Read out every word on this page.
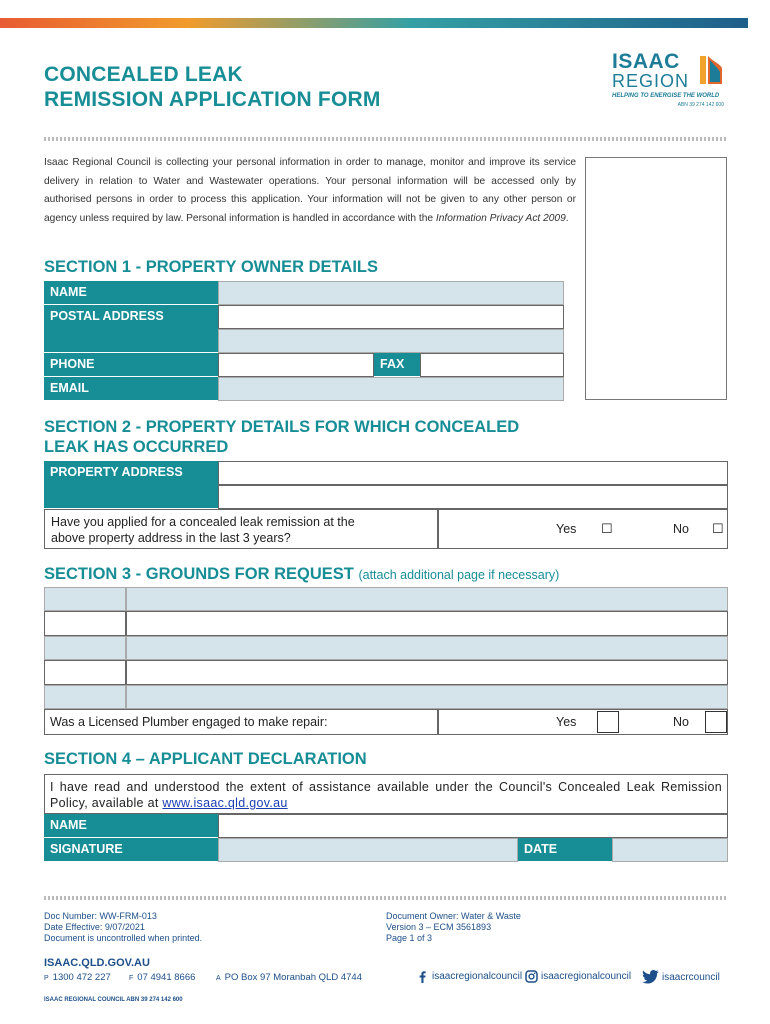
CONCEALED LEAK
REMISSION APPLICATION FORM
ISAAC
REGION
HELPING TO ENERGISE THE WORLD
ABN 39 274 142 600
Isaac Regional Council is collecting your personal information in order to manage, monitor and improve its service delivery in relation to Water and Wastewater operations. Your personal information will be accessed only by authorised persons in order to process this application. Your information will not be given to any other person or agency unless required by law. Personal information is handled in accordance with the Information Privacy Act 2009.
SECTION 1 - PROPERTY OWNER DETAILS
NAME
POSTAL ADDRESS
PHONE	FAX
EMAIL
SECTION 2 - PROPERTY DETAILS FOR WHICH CONCEALED
LEAK HAS OCCURRED
PROPERTY ADDRESS
Have you applied for a concealed leak remission at the
above property address in the last 3 years?
Yes ☐	No ☐
SECTION 3 - GROUNDS FOR REQUEST (attach additional page if necessary)
Was a Licensed Plumber engaged to make repair:	Yes	No
SECTION 4 – APPLICANT DECLARATION
I have read and understood the extent of assistance available under the Council's Concealed Leak Remission Policy, available at www.isaac.qld.gov.au
NAME
SIGNATURE	DATE
Doc Number: WW-FRM-013
Date Effective: 9/07/2021
Document is uncontrolled when printed.
Document Owner: Water & Waste
Version 3 – ECM 3561893
Page 1 of 3
ISAAC.QLD.GOV.AU
P 1300 472 227	F 07 4941 8666	A PO Box 97 Moranbah QLD 4744	isaacregionalcouncil isaacregionalcouncil	isaacrcouncil
ISAAC REGIONAL COUNCIL ABN 39 274 142 600
